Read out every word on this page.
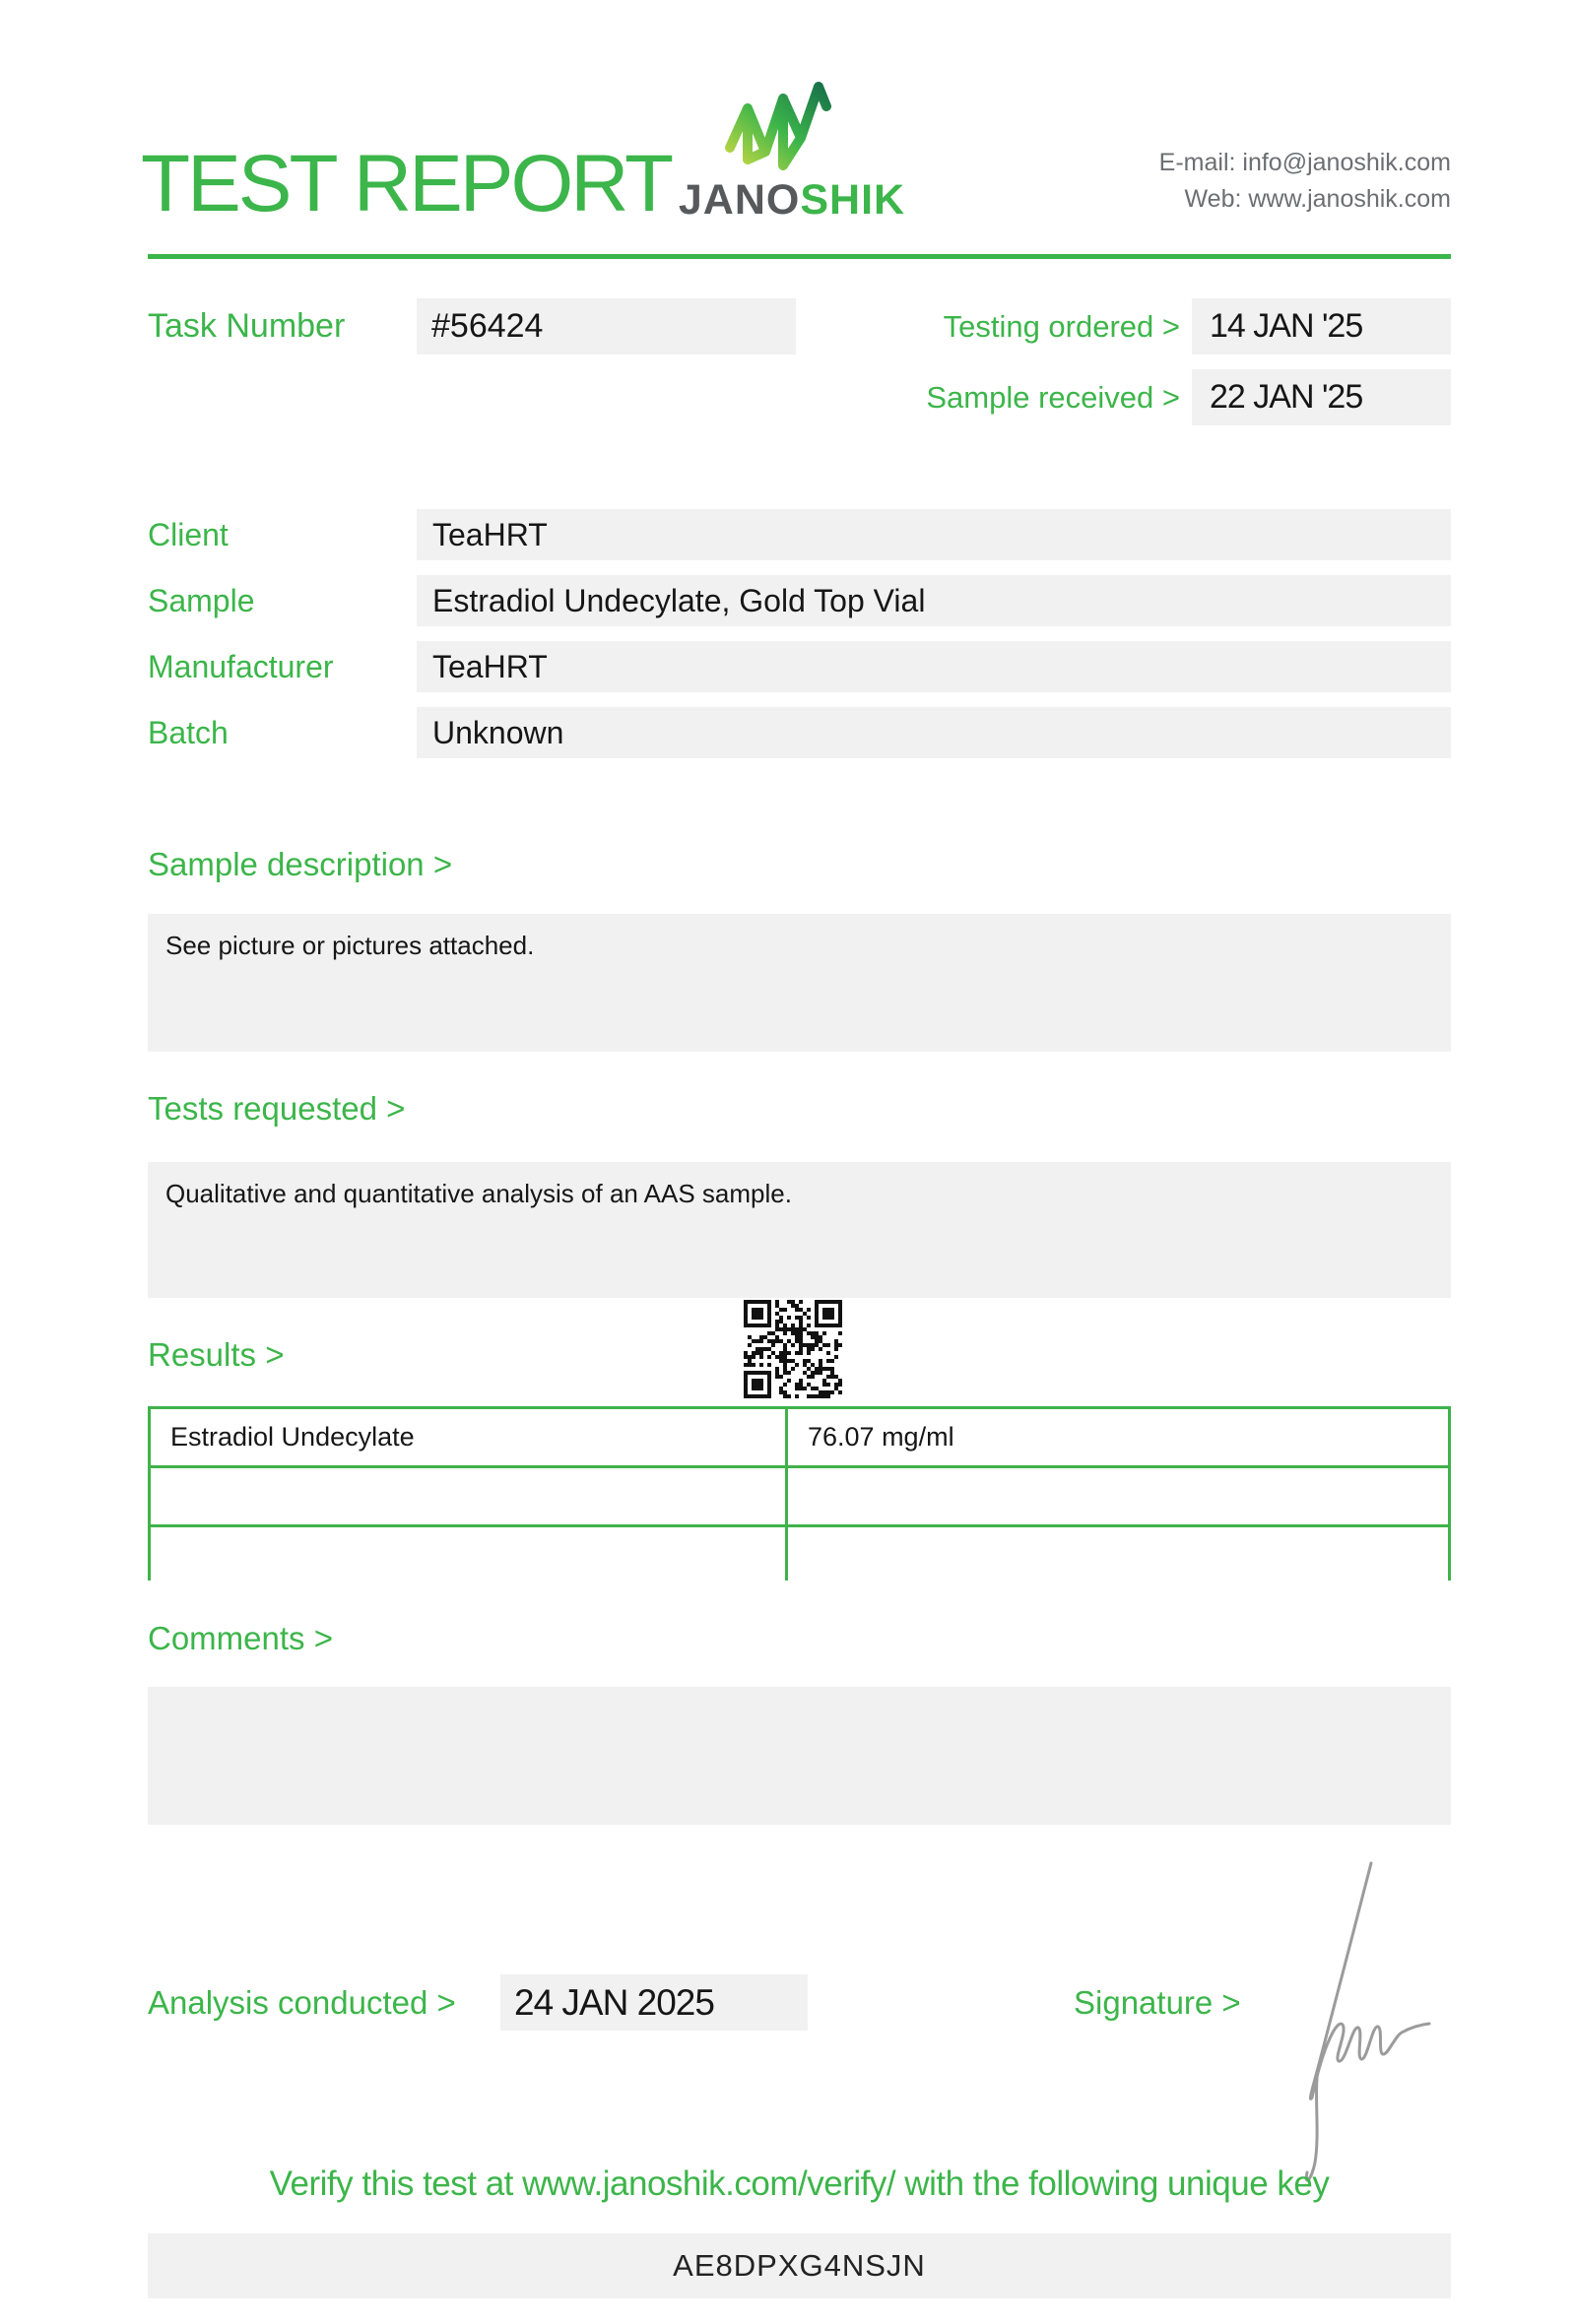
TEST REPORT JANOSHIK
E-mail: info@janoshik.com
Web: www.janoshik.com
Task Number	#56424	Testing ordered > 14 JAN '25
Sample received > 22 JAN '25
Client	TeaHRT
Sample	Estradiol Undecylate, Gold Top Vial
Manufacturer	TeaHRT
Batch	Unknown
Sample description >
See picture or pictures attached.
Tests requested >
Qualitative and quantitative analysis of an AAS sample.
Results >
Estradiol Undecylate	76.07 mg/ml
Comments >
Analysis conducted >	24 JAN 2025	Signature >
Verify this test at www.janoshik.com/verify/ with the following unique key
AE8DPXG4NSJN
